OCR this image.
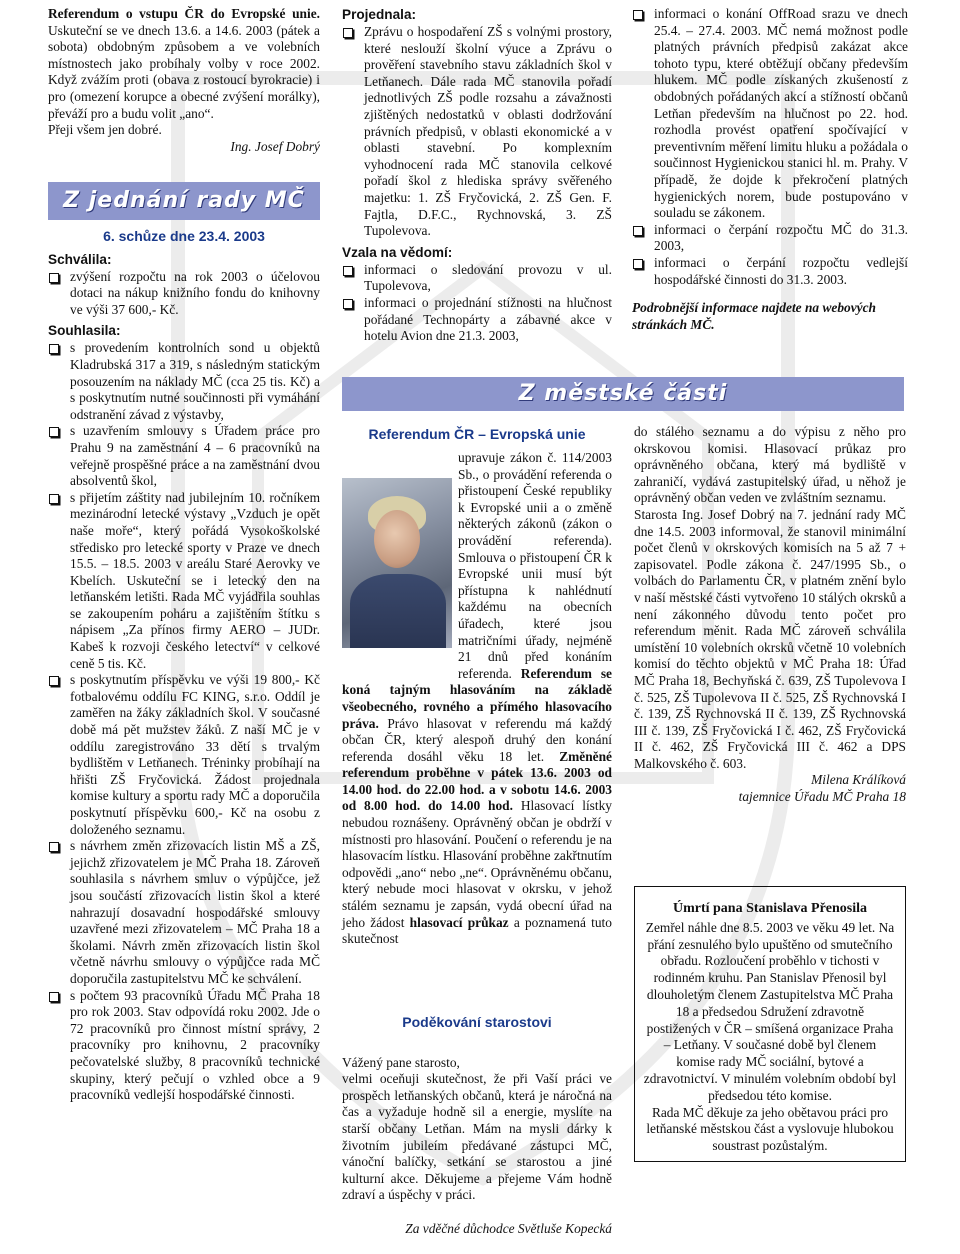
Referendum o vstupu ČR do Evropské unie. Uskuteční se ve dnech 13.6. a 14.6. 2003 (pátek a sobota) obdobným způsobem a ve volebních místnostech jako probíhaly volby v roce 2002. Když zvážím proti (obava z rostoucí byrokracie) i pro (omezení korupce a obecné zvýšení morálky), převáží pro a budu volit „ano“.

Přeji všem jen dobré.

Ing. Josef Dobrý

Z jednání rady MČ

6. schůze dne 23.4. 2003

Schválila:
zvýšení rozpočtu na rok 2003 o účelovou dotaci na nákup knižního fondu do knihovny ve výši 37 600,- Kč.
Souhlasila:
s provedením kontrolních sond u objektů Kladrubská 317 a 319, s následným statickým posouzením na náklady MČ (cca 25 tis. Kč) a s poskytnutím nutné součinnosti při vymáhání odstranění závad z výstavby,
s uzavřením smlouvy s Úřadem práce pro Prahu 9 na zaměstnání 4 – 6 pracovníků na veřejně prospěšné práce a na zaměstnání dvou absolventů škol,
s přijetím záštity nad jubilejním 10. ročníkem mezinárodní letecké výstavy „Vzduch je opět naše moře“, který pořádá Vysokoškolské středisko pro letecké sporty v Praze ve dnech 15.5. – 18.5. 2003 v areálu Staré Aerovky ve Kbelích. Uskuteční se i letecký den na letňanském letišti. Rada MČ vyjádřila souhlas se zakoupením poháru a zajištěním štítku s nápisem „Za přínos firmy AERO – JUDr. Kabeš k rozvoji českého letectví“ v celkové ceně 5 tis. Kč.
s poskytnutím příspěvku ve výši 19 800,- Kč fotbalovému oddílu FC KING, s.r.o. Oddíl je zaměřen na žáky základních škol. V současné době má pět mužstev žáků. Z naší MČ je v oddílu zaregistrováno 33 dětí s trvalým bydlištěm v Letňanech. Tréninky probíhají na hřišti ZŠ Fryčovická. Žádost projednala komise kultury a sportu rady MČ a doporučila poskytnutí příspěvku 600,- Kč na osobu z doloženého seznamu.
s návrhem změn zřizovacích listin MŠ a ZŠ, jejichž zřizovatelem je MČ Praha 18. Zároveň souhlasila s návrhem smluv o výpůjčce, jež jsou součástí zřizovacích listin škol a které nahrazují dosavadní hospodářské smlouvy uzavřené mezi zřizovatelem – MČ Praha 18 a školami. Návrh změn zřizovacích listin škol včetně návrhu smlouvy o výpůjčce rada MČ doporučila zastupitelstvu MČ ke schválení.
s počtem 93 pracovníků Úřadu MČ Praha 18 pro rok 2003. Stav odpovídá roku 2002. Jde o 72 pracovníků pro činnost místní správy, 2 pracovníky pro knihovnu, 2 pracovníky pečovatelské služby, 8 pracovníků technické skupiny, který pečují o vzhled obce a 9 pracovníků vedlejší hospodářské činnosti.
Projednala:
Zprávu o hospodaření ZŠ s volnými prostory, které neslouží školní výuce a Zprávu o prověření stavebního stavu základních škol v Letňanech. Dále rada MČ stanovila pořadí jednotlivých ZŠ podle rozsahu a závažnosti zjištěných nedostatků v oblasti dodržování právních předpisů, v oblasti ekonomické a v oblasti stavební. Po komplexním vyhodnocení rada MČ stanovila celkové pořadí škol z hlediska správy svěřeného majetku: 1. ZŠ Fryčovická, 2. ZŠ Gen. F. Fajtla, D.F.C., Rychnovská, 3. ZŠ Tupolevova.
Vzala na vědomí:
informaci o sledování provozu v ul. Tupolevova,
informaci o projednání stížnosti na hlučnost pořádané Technopárty a zábavné akce v hotelu Avion dne 21.3. 2003,
informaci o konání OffRoad srazu ve dnech 25.4. – 27.4. 2003. MČ nemá možnost podle platných právních předpisů zakázat akce tohoto typu, které obtěžují občany především hlukem. MČ podle získaných zkušeností z obdobných pořádaných akcí a stížností občanů Letňan především na hlučnost po 22. hod. rozhodla provést opatření spočívající v preventivním měření limitu hluku a požádala o součinnost Hygienickou stanici hl. m. Prahy. V případě, že dojde k překročení platných hygienických norem, bude postupováno v souladu se zákonem.
informaci o čerpání rozpočtu MČ do 31.3. 2003,
informaci o čerpání rozpočtu vedlejší hospodářské činnosti do 31.3. 2003.

Podrobnější informace najdete na webových stránkách MČ.

Z městské části

Referendum ČR – Evropská unie

upravuje zákon č. 114/2003 Sb., o provádění referenda o přistoupení České republiky k Evropské unii a o změně některých zákonů (zákon o provádění referenda). Smlouva o přistoupení ČR k Evropské unii musí být přístupna k nahlédnutí každému na obecních úřadech, které jsou matričními úřady, nejméně 21 dnů před konáním referenda. Referendum se koná tajným hlasováním na základě všeobecného, rovného a přímého hlasovacího práva. Právo hlasovat v referendu má každý občan ČR, který alespoň druhý den konání referenda dosáhl věku 18 let. Změněné referendum proběhne v pátek 13.6. 2003 od 14.00 hod. do 22.00 hod. a v sobotu 14.6. 2003 od 8.00 hod. do 14.00 hod. Hlasovací lístky nebudou roznášeny. Oprávněný občan je obdrží v místnosti pro hlasování. Poučení o referendu je na hlasovacím lístku. Hlasování proběhne zakřtnutím odpovědi „ano“ nebo „ne“. Oprávněnému občanu, který nebude moci hlasovat v okrsku, v jehož stálém seznamu je zapsán, vydá obecní úřad na jeho žádost hlasovací průkaz a poznamená tuto skutečnost

do stálého seznamu a do výpisu z něho pro okrskovou komisi. Hlasovací průkaz pro oprávněného občana, který má bydliště v zahraničí, vydává zastupitelský úřad, u něhož je oprávněný občan veden ve zvláštním seznamu.

Starosta Ing. Josef Dobrý na 7. jednání rady MČ dne 14.5. 2003 informoval, že stanovil minimální počet členů v okrskových komisích na 5 až 7 + zapisovatel. Podle zákona č. 247/1995 Sb., o volbách do Parlamentu ČR, v platném znění bylo v naší městské části vytvořeno 10 stálých okrsků a není zákonného důvodu tento počet pro referendum měnit. Rada MČ zároveň schválila umístění 10 volebních okrsků včetně 10 volebních komisí do těchto objektů v MČ Praha 18: Úřad MČ Praha 18, Bechyňská č. 639, ZŠ Tupolevova I č. 525, ZŠ Tupolevova II č. 525, ZŠ Rychnovská I č. 139, ZŠ Rychnovská II č. 139, ZŠ Rychnovská III č. 139, ZŠ Fryčovická I č. 462, ZŠ Fryčovická II č. 462, ZŠ Fryčovická III č. 462 a DPS Malkovského č. 603.

Milena Králíková

tajemnice Úřadu MČ Praha 18

Poděkování starostovi

Vážený pane starosto,
velmi oceňuji skutečnost, že při Vaší práci ve prospěch letňanských občanů, která je náročná na čas a vyžaduje hodně sil a energie, myslíte na starší občany Letňan. Mám na mysli dárky k životním jubileím předávané zástupci MČ, vánoční balíčky, setkání se starostou a jiné kulturní akce. Děkujeme a přejeme Vám hodně zdraví a úspěchy v práci.

Za vděčné důchodce Světluše Kopecká

Úmrtí pana Stanislava Přenosila

Zemřel náhle dne 8.5. 2003 ve věku 49 let. Na přání zesnulého bylo upuštěno od smutečního obřadu. Rozloučení proběhlo v tichosti v rodinném kruhu. Pan Stanislav Přenosil byl dlouholetým členem Zastupitelstva MČ Praha 18 a předsedou Sdružení zdravotně postižených v ČR – smíšená organizace Praha – Letňany. V současné době byl členem komise rady MČ sociální, bytové a zdravotnictví. V minulém volebním období byl předsedou této komise.

Rada MČ děkuje za jeho obětavou práci pro letňanské městskou část a vyslovuje hlubokou soustrast pozůstalým.
